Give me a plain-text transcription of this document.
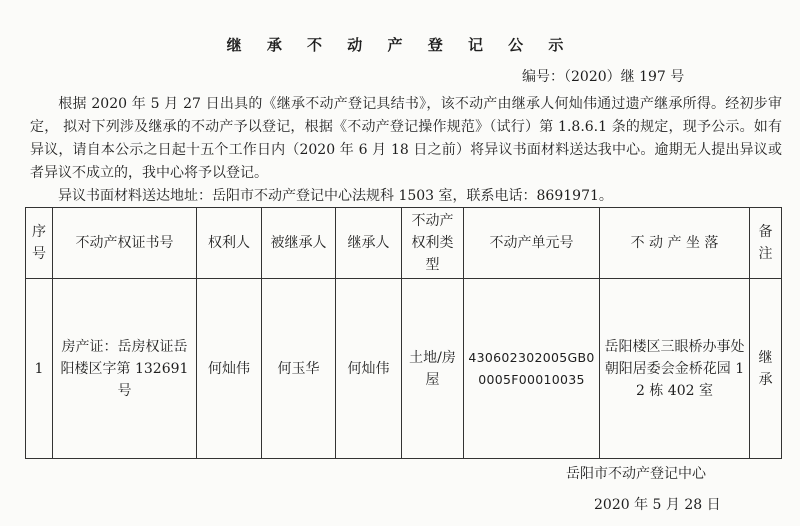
继 承 不 动 产 登 记 公 示
编号：（2020）继 197 号

根据 2020 年 5 月 27 日出具的《继承不动产登记具结书》，该不动产由继承人何灿伟通过遗产继承所得。经初步审定， 拟对下列涉及继承的不动产予以登记，根据《不动产登记操作规范》（试行）第 1.8.6.1 条的规定，现予公示。如有异议，请自本公示之日起十五个工作日内（2020 年 6 月 18 日之前）将异议书面材料送达我中心。逾期无人提出异议或者异议不成立的，我中心将予以登记。

异议书面材料送达地址：岳阳市不动产登记中心法规科 1503 室，联系电话：8691971。
序号	不动产权证书号	权利人	被继承人	继承人	不动产权利类型	不动产单元号	不 动 产 坐 落	备注
1	房产证：岳房权证岳阳楼区字第 132691 号	何灿伟	何玉华	何灿伟	土地/房屋	430602302005GB00005F00010035	岳阳楼区三眼桥办事处朝阳居委会金桥花园 12 栋 402 室	继承
岳阳市不动产登记中心
2020 年 5 月 28 日
